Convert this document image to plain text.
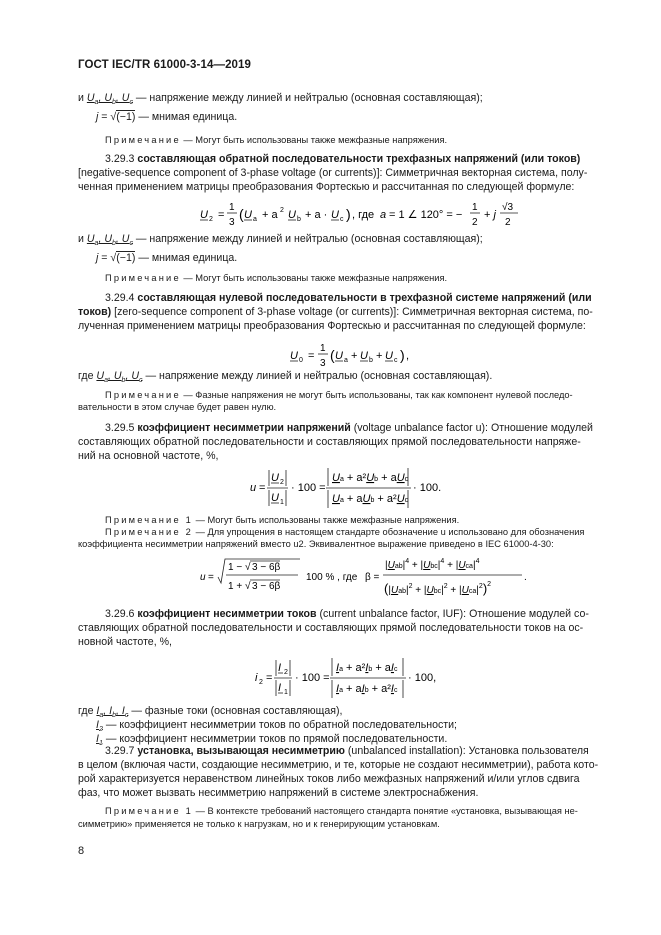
ГОСТ IEC/TR 61000-3-14—2019
и $U_a$, $U_b$, $U_c$ — напряжение между линией и нейтралью (основная составляющая);
j = √(−1) — мнимая единица.
Примечание — Могут быть использованы также межфазные напряжения.
3.29.3 составляющая обратной последовательности трехфазных напряжений (или токов)
[negative-sequence component of 3-phase voltage (or currents)]: Симметричная векторная система, полу-
ченная применением матрицы преобразования Фортескью и рассчитанная по следующей формуле:
U 2 =
1
3
( U a + a 2 U b + a · U c ) , где a = 1 ∠ 120° = −
1
2
+ j
√3
2
и $U_a$, $U_b$, $U_c$ — напряжение между линией и нейтралью (основная составляющая);
j = √(−1) — мнимая единица.
Примечание — Могут быть использованы также межфазные напряжения.
3.29.4 составляющая нулевой последовательности в трехфазной системе напряжений (или
токов) [zero-sequence component of 3-phase voltage (or currents)]: Симметричная векторная система, по-
лученная применением матрицы преобразования Фортескью и рассчитанная по следующей формуле:
U 0 =
1
3
( U a + U b + U c ) ,
где $U_a$, $U_b$, $U_c$ — напряжение между линией и нейтралью (основная составляющая).
Примечание — Фазные напряжения не могут быть использованы, так как компонент нулевой последо-
вательности в этом случае будет равен нулю.
3.29.5 коэффициент несимметрии напряжений (voltage unbalance factor u): Отношение модулей
составляющих обратной последовательности и составляющих прямой последовательности напряже-
ний на основной частоте, %,
u =
U 2
U 1
· 100 =
Ua + a²Ub + aUc
Ua + aUb + a²Uc
· 100.
Примечание 1 — Могут быть использованы также межфазные напряжения.
Примечание 2 — Для упрощения в настоящем стандарте обозначение u использовано для обозначения
коэффициента несимметрии напряжений вместо u2. Эквивалентное выражение приведено в IEC 61000-4-30:
u =
1 − √ 3 − 6β
1 + √ 3 − 6β
100 % , где β =
$|Uab|^4 + |Ubc|^4 + |Uca|^4$
$(|Uab|^2 + |Ubc|^2 + |Uca|^2)^2$
.
3.29.6 коэффициент несимметрии токов (current unbalance factor, IUF): Отношение модулей со-
ставляющих обратной последовательности и составляющих прямой последовательности токов на ос-
новной частоте, %,
i 2 =
I 2
I 1
· 100 =
Ia + a²Ib + aIc
Ia + aIb + a²Ic
· 100,
где $I_a$, $I_b$, $I_c$ — фазные токи (основная составляющая),
$I_2$ — коэффициент несимметрии токов по обратной последовательности;
$I_1$ — коэффициент несимметрии токов по прямой последовательности.
3.29.7 установка, вызывающая несимметрию (unbalanced installation): Установка пользователя
в целом (включая части, создающие несимметрию, и те, которые не создают несимметрии), работа кото-
рой характеризуется неравенством линейных токов либо межфазных напряжений и/или углов сдвига
фаз, что может вызвать несимметрию напряжений в системе электроснабжения.
Примечание 1 — В контексте требований настоящего стандарта понятие «установка, вызывающая не-
симметрию» применяется не только к нагрузкам, но и к генерирующим установкам.
8
